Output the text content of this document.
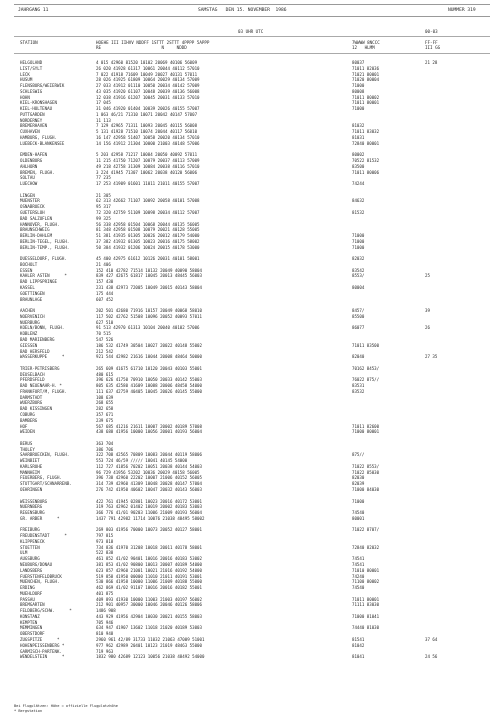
JAHRGANG 11	SAMSTAG   DEN 15. NOVEMBER  1986	NUMMER 319
03 UHR UTC	00-03
STATION	HOEHE III IIHVV NDDFF 1STTT 2STTT 4PPPP 5APPP
RE                        N     NDDD
7WWWW 8NCCC
12   HLMM
FF-FF
III GG
HELGOLAND	4 015 42960 81520 10102 20069 40106 56009	80037	21 28
LIST/SYLT	26 020 41928 61317 10061 20044 40112 57010	71011 82036
LECK	7 022 41918 71609 10049 20027 40131 57011	71021 80001
HUSUM	28 026 41925 61809 10064 20029 40134 57009	71020 80004
FLENSBURG/WEIERWIK	27 033 41912 01110 10050 20034 40142 57009	71000
SCHLESWIG	43 035 41920 61107 10048 20039 40136 56008	80008
HOHN	12 038 41916 61207 10045 20031 40133 57010	71011 80002
KIEL-KRONSHAGEN	17 045	71011 80001
KIEL-HOLTENAU	31 046 41920 01404 10039 20026 40155 57007	71000
PUTTGARDEN	1 063 46/21 71310 10071 20042 40147 57007
NORDERNEY	11 113
BREMERHAVEN	7 129 42965 71311 10093 20045 40115 56008	81032
CUXHAVEN	5 131 41928 71510 10074 20044 40117 56010	71011 83032
HAMBURG, FLUGH.	16 147 42958 51407 10058 20020 40134 57010	81031
LUEBECK-BLANKENSEE	14 156 41912 21304 10000 21003 40148 57006	72840 80001
EMDEN-HAFEN	5 203 42958 71217 10084 20050 40092 57011	80002
OLDENBURG	11 215 41750 71207 10079 20037 40113 57009	70522 81532
AHLHORN	49 218 42758 31309 10084 20038 40116 57010	83500
BREMEN, FLUGH.	3 224 41945 71307 10062 20038 40120 56006	71011 80006
SOLTAU	77 235
LUECHOW	17 253 41909 01601 11011 21011 40155 57007	74244
LINGEN	21 305
MUENSTER	62 313 42662 71107 10092 20058 40101 57008	84632
OSNABRUECK	95 317
GUETERSLOH	72 320 42759 51109 10098 20034 40112 57007	81532
BAD SALZUFLEN	99 325
HANNOVER, FLUGH.	56 338 42958 01504 10068 20044 40135 56005
BRAUNSCHWEIG	81 348 42958 01508 10079 20021 40128 55005
BERLIN-DAHLEM	51 381 41935 01305 10026 20012 40179 54000	71000
BERLIN-TEGEL, FLUGH.	37 382 41932 01305 10023 20016 40175 58002	71000
BERLIN-TEMP., FLUGH.	50 384 41932 01206 10024 20015 40178 53000	71000
DUESSELDORF, FLUGH.	45 400 42975 61612 10126 20031 40101 58001	82032
BOCHOLT	21 406
ESSEN	152 410 42782 71514 10132 20049 40090 58004	83542
KAHLER ASTEN      *	839 427 42675 61817 10045 20013 48445 56003	8553/	25
BAD LIPPSPRINGE	157 430
KASSEL	231 438 42973 72005 10049 20015 40143 58004	80004
GOETTINGEN	175 444
BRAUNLAGE	607 452
AACHEN	202 501 42680 71916 10157 20049 40068 58010	8457/	39
NOERVENICH	117 502 42762 51508 10096 20052 40093 57011	85500
NUERBURG	627 510
KOELN/BONN, FLUGH.	91 513 42970 61313 10104 20040 40102 57006	86077	26
KOBLENZ	70 515
BAD MARIENBERG	547 526
GIESSEN	186 532 41749 30504 10027 20022 40148 55002	71011 83500
BAD HERSFELD	212 542
WASSERKUPPE      *	921 544 42982 21616 10044 20008 48464 50000	82040	27 35
TRIER-PETRISBERG	265 609 41675 61710 10120 20043 40103 55001	70162 8453/
DEUSELBACH	480 615
PFERDSFELD	396 626 41750 70910 10050 20033 40142 55003	76022 875//
BAD NEUENAHR-H. *	805 635 42580 41609 10088 20006 48458 54000	83531
FRANKFURT/M, FLUGH.	111 637 42759 40405 10045 20026 40145 55000	83532
DARMSTADT	108 639
WUERZBURG	268 655
BAD KISSINGEN	282 658
COBURG	357 671
BAMBERG	239 675
HOF	567 685 41216 21611 10007 20002 40189 57008	71011 82600
WEIDEN	438 688 41956 10000 10056 20001 40193 56004	71000 80001
BERUS	363 704
THOLEY	386 706
SAARBRUECKEN, FLUGH.	322 708 42565 70809 10083 20044 40119 58006	875//
WEINBIET	553 724 46/59 ///// 10041 40145 54000
KARLSRUHE	112 727 41856 70202 10051 20038 40144 54003	71022 8553/
MANNHEIM	96 729 41956 53202 10036 20029 40158 56005	71022 85030
FEUERBERG, FLUGH.	396 738 42960 22202 10007 21006 40152 56005	82030
STUTTGART/SCHNARRENB.	314 739 42960 41309 10048 20028 40147 57004	82039
OEHRINGEN	276 742 41950 40602 10047 20032 40143 56003	71000 84030
WEISSENBURG	422 761 41945 02801 10023 20016 40172 53001	71000
NUERNBERG	319 763 42962 01402 10019 20002 40183 53003
REGENSBURG	366 776 41/01 90203 11006 21009 40193 56004	74540
GR. ARBER      *	1437 791 42982 11714 10076 21038 48495 58002	80001
FREIBURG	269 803 41956 70000 10073 20052 40127 58001	71022 8707/
FREUDENSTADT      *	797 815
KLIPPENECK	973 818
STOETTEN	734 836 41970 31208 10018 20011 40178 58001	72840 82032
ULM	522 838
AUGSBURG	461 852 41/02 90401 10016 20016 40183 53002	74541
NEUBURG/DONAU	381 853 41/02 90800 10013 20007 40189 54000	74541
LANDSBERG	623 857 42960 21001 10021 21016 40192 54000	71010 80001
FUERSTENFELDBRUCK	519 858 41950 00000 11010 21011 40191 53001	74240
MUENCHEN, FLUGH.	530 866 41958 10000 11006 21009 40188 55000	71100 80002
ERDING	462 869 41/02 91107 10016 20016 40182 55001	74540
MUEHLDORF	401 875
PASSAU	409 893 41930 10000 11003 21003 40197 56002	71011 80001
BREMGARTEN	212 901 40957 30000 10046 20046 40126 58006	71111 83030
FELDBERG/SCHW.      *	1486 908
KONSTANZ	443 929 41956 42904 10030 20021 40155 58003	71000 81041
KEMPTEN	705 946
MEMMINGEN	634 947 41907 13602 11018 21020 40189 53003	74440 81030
OBERSTDORF	810 948
ZUGSPITZE      *	2960 961 42/89 31733 11032 21063 47009 51001	81541	37 64
HOHENPEISSENBERG *	977 962 42989 20401 10123 21019 48463 55000	81042
GARMISCH-PARTENK.	719 963
WENDELSTEIN      *	1832 980 42689 12123 10056 21038 48492 54000	81041	24 56
Bei Flugplätzen: Höhe = offizielle Flugplatzhöhe
* Bergstation
